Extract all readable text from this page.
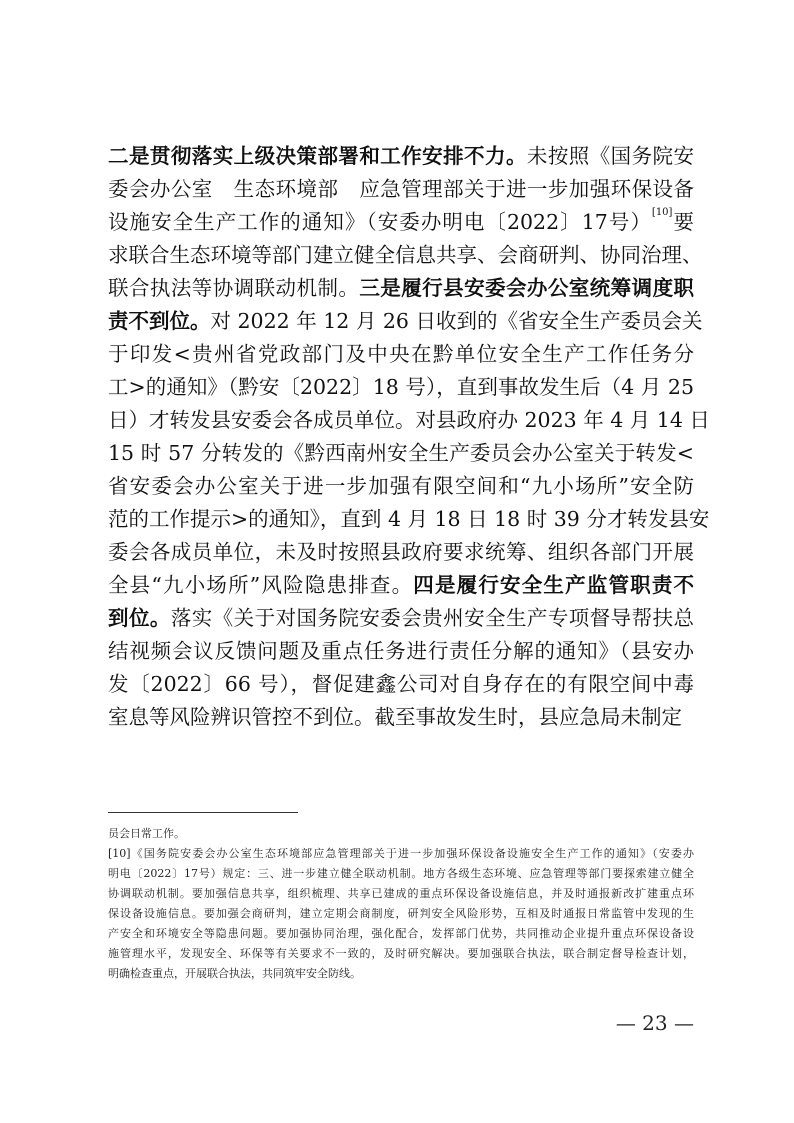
二是贯彻落实上级决策部署和工作安排不力。未按照《国务院安
委会办公室　生态环境部　应急管理部关于进一步加强环保设备
设施安全生产工作的通知》（安委办明电〔2022〕17号）[10]要
求联合生态环境等部门建立健全信息共享、会商研判、协同治理、
联合执法等协调联动机制。三是履行县安委会办公室统筹调度职
责不到位。对 2022 年 12 月 26 日收到的《省安全生产委员会关
于印发<贵州省党政部门及中央在黔单位安全生产工作任务分
工>的通知》（黔安〔2022〕18 号），直到事故发生后（4 月 25
日）才转发县安委会各成员单位。对县政府办 2023 年 4 月 14 日
15 时 57 分转发的《黔西南州安全生产委员会办公室关于转发<
省安委会办公室关于进一步加强有限空间和“九小场所”安全防
范的工作提示>的通知》，直到 4 月 18 日 18 时 39 分才转发县安
委会各成员单位，未及时按照县政府要求统筹、组织各部门开展
全县“九小场所”风险隐患排查。四是履行安全生产监管职责不
到位。落实《关于对国务院安委会贵州安全生产专项督导帮扶总
结视频会议反馈问题及重点任务进行责任分解的通知》（县安办
发〔2022〕66 号），督促建鑫公司对自身存在的有限空间中毒
室息等风险辨识管控不到位。截至事故发生时，县应急局未制定
员会日常工作。
[10]《国务院安委会办公室生态环境部应急管理部关于进一步加强环保设备设施安全生产工作的通知》（安委办
明电〔2022〕17号）规定：三、进一步建立健全联动机制。地方各级生态环境、应急管理等部门要探索建立健全
协调联动机制。要加强信息共享，组织梳理、共享已建成的重点环保设备设施信息，并及时通报新改扩建重点环
保设备设施信息。要加强会商研判，建立定期会商制度，研判安全风险形势，互相及时通报日常监管中发现的生
产安全和环境安全等隐患问题。要加强协同治理，强化配合，发挥部门优势，共同推动企业提升重点环保设备设
施管理水平，发现安全、环保等有关要求不一致的，及时研究解决。要加强联合执法，联合制定督导检查计划，
明确检查重点，开展联合执法，共同筑牢安全防线。
— 23 —
